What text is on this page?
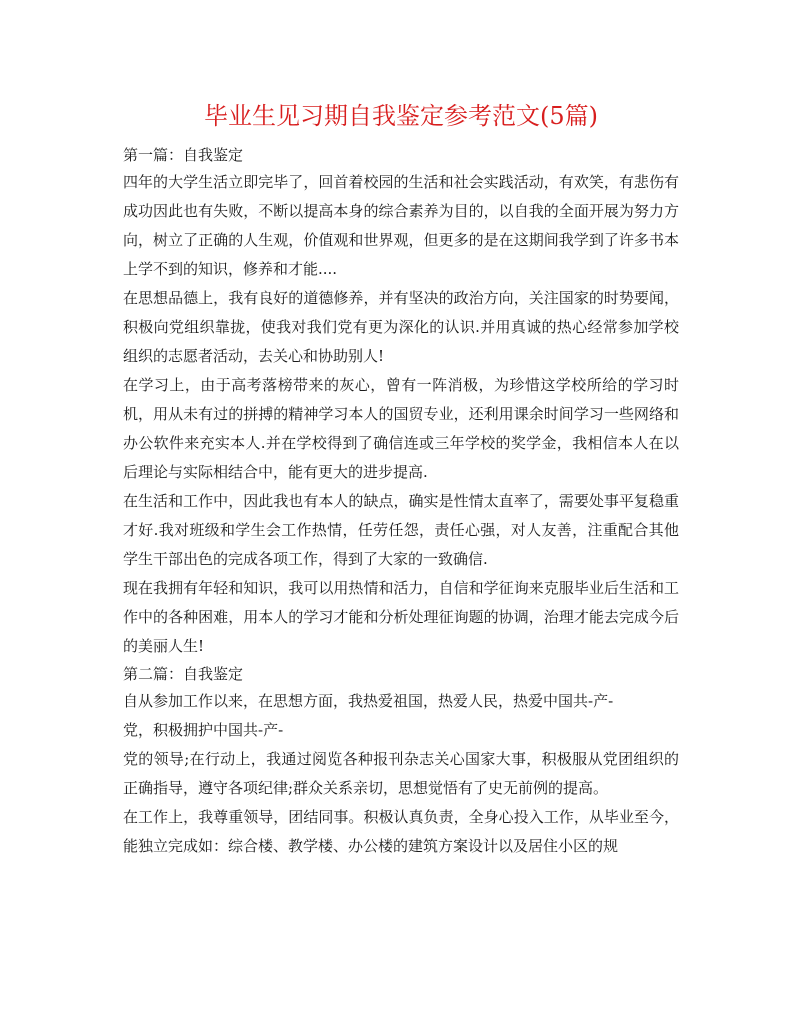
毕业生见习期自我鉴定参考范文(5篇)

第一篇：自我鉴定

四年的大学生活立即完毕了，回首着校园的生活和社会实践活动，有欢笑，有悲伤有成功因此也有失败，不断以提高本身的综合素养为目的，以自我的全面开展为努力方向，树立了正确的人生观，价值观和世界观，但更多的是在这期间我学到了许多书本上学不到的知识，修养和才能....

在思想品德上，我有良好的道德修养，并有坚决的政治方向，关注国家的时势要闻，积极向党组织靠拢，使我对我们党有更为深化的认识.并用真诚的热心经常参加学校组织的志愿者活动，去关心和协助别人!

在学习上，由于高考落榜带来的灰心，曾有一阵消极，为珍惜这学校所给的学习时机，用从未有过的拼搏的精神学习本人的国贸专业，还利用课余时间学习一些网络和办公软件来充实本人.并在学校得到了确信连或三年学校的奖学金，我相信本人在以后理论与实际相结合中，能有更大的进步提高.

在生活和工作中，因此我也有本人的缺点，确实是性情太直率了，需要处事平复稳重才好.我对班级和学生会工作热情，任劳任怨，责任心强，对人友善，注重配合其他学生干部出色的完成各项工作，得到了大家的一致确信.

现在我拥有年轻和知识，我可以用热情和活力，自信和学征询来克服毕业后生活和工作中的各种困难，用本人的学习才能和分析处理征询题的协调，治理才能去完成今后的美丽人生!

第二篇：自我鉴定

自从参加工作以来，在思想方面，我热爱祖国，热爱人民，热爱中国共-产-

党，积极拥护中国共-产-

党的领导;在行动上，我通过阅览各种报刊杂志关心国家大事，积极服从党团组织的正确指导，遵守各项纪律;群众关系亲切，思想觉悟有了史无前例的提高。

在工作上，我尊重领导，团结同事。积极认真负责，全身心投入工作，从毕业至今，能独立完成如：综合楼、教学楼、办公楼的建筑方案设计以及居住小区的规
